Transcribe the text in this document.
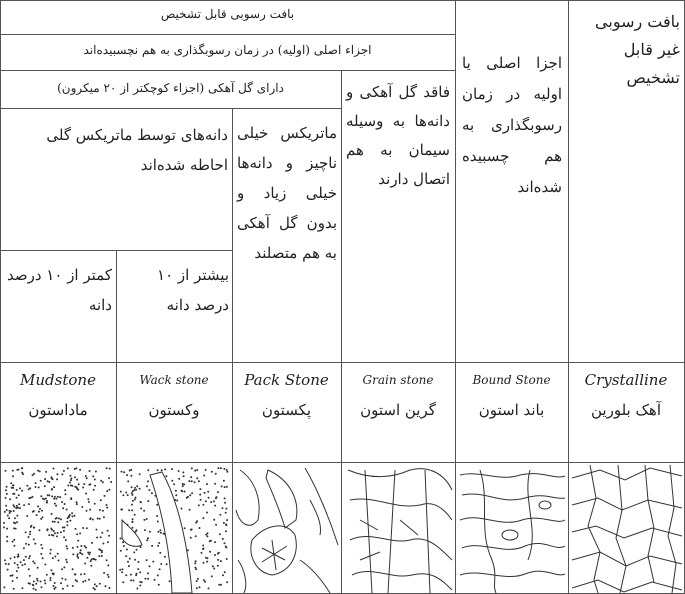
بافت رسوبی قابل تشخیص
اجزاء اصلی (اولیه) در زمان رسوبگذاری به هم نچسبیده‌اند
دارای گل آهکی (اجزاء کوچکتر از ۲۰ میکرون)	فاقد گل آهکی و دانه‌ها به وسیله سیمان به هم اتصال دارند
ماتریکس خیلی ناچیز و دانه‌ها خیلی زیاد و بدون گل آهکی به هم متصلند
دانه‌های توسط ماتریکس گلی احاطه شده‌اند
کمتر از ۱۰ درصد دانه
بیشتر از ۱۰ درصد دانه
اجزا اصلی یا اولیه در زمان رسوبگذاری به هم چسبیده شده‌اند
بافت رسوبی غیر قابل تشخیص
Mudstone
ماداستون
Wack stone
وکستون
Pack Stone
پکستون
Grain stone
گرین استون
Bound Stone
باند استون
Crystalline
آهک بلورین
